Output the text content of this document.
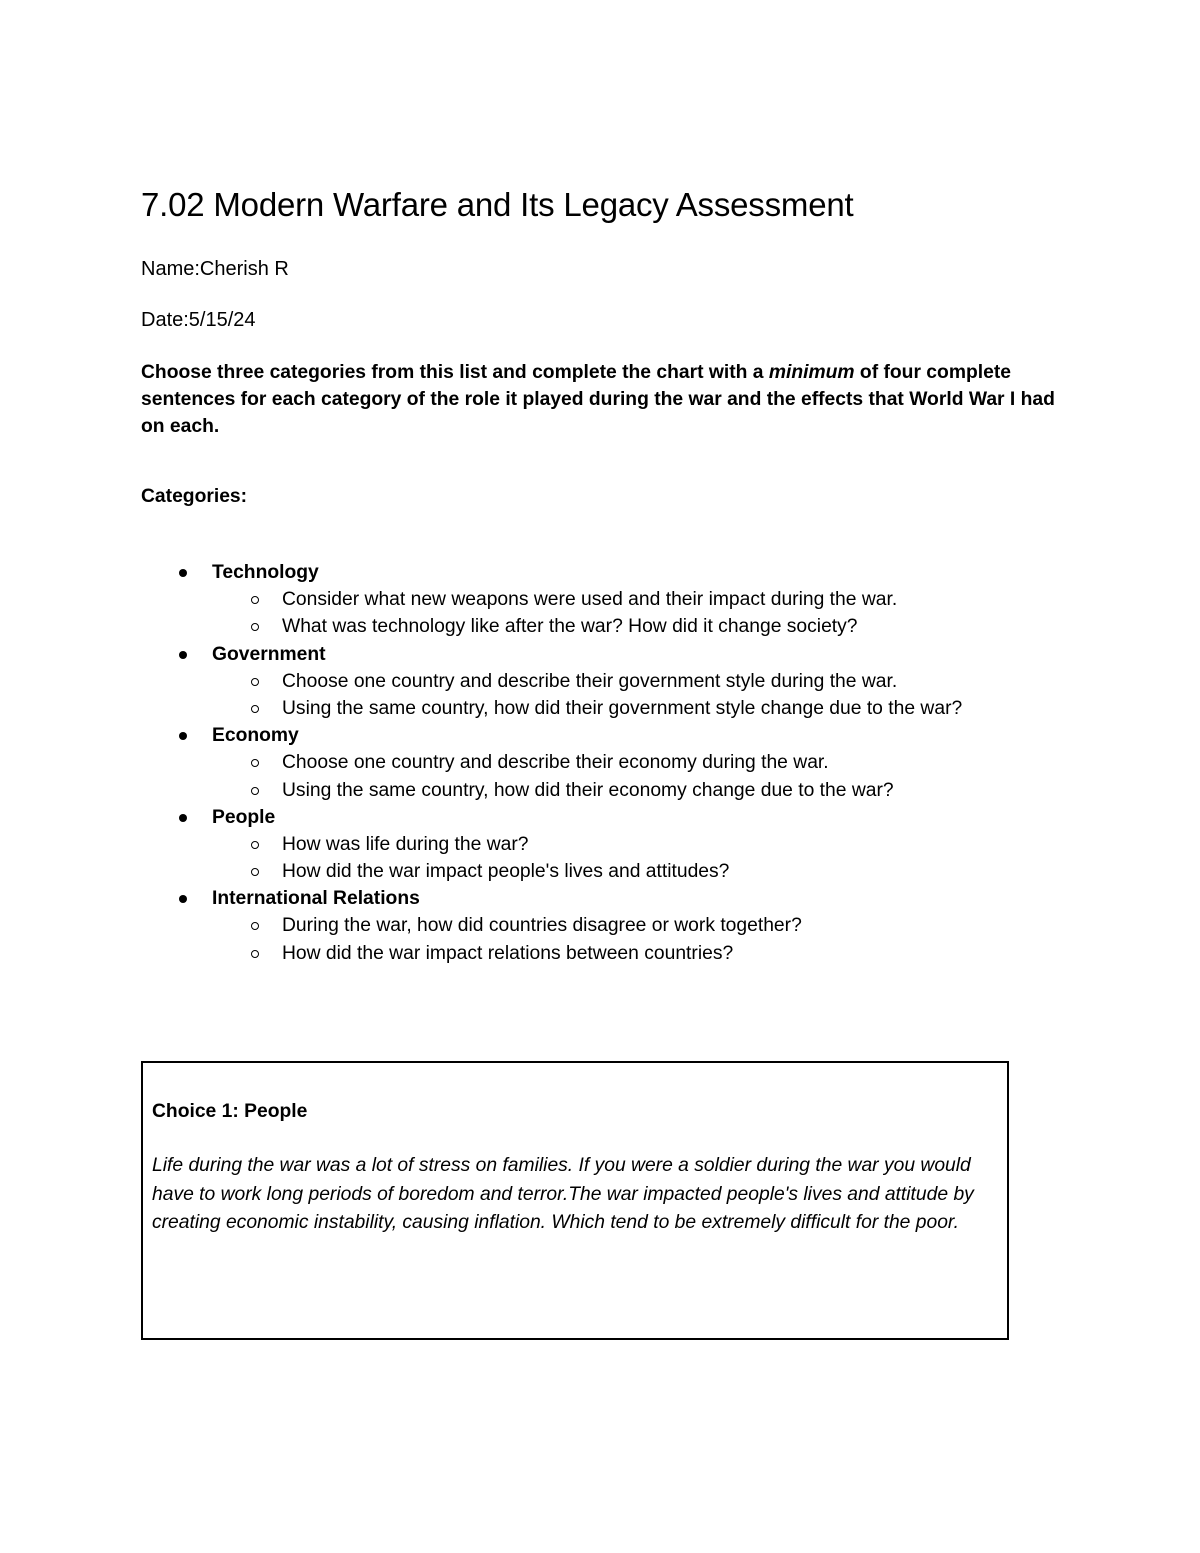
7.02 Modern Warfare and Its Legacy Assessment

Name:Cherish R

Date:5/15/24

Choose three categories from this list and complete the chart with a minimum of four complete sentences for each category of the role it played during the war and the effects that World War I had on each.

Categories:

Technology
Consider what new weapons were used and their impact during the war.
What was technology like after the war? How did it change society?
Government
Choose one country and describe their government style during the war.
Using the same country, how did their government style change due to the war?
Economy
Choose one country and describe their economy during the war.
Using the same country, how did their economy change due to the war?
People
How was life during the war?
How did the war impact people's lives and attitudes?
International Relations
During the war, how did countries disagree or work together?
How did the war impact relations between countries?

Choice 1: People

Life during the war was a lot of stress on families. If you were a soldier during the war you would have to work long periods of boredom and terror.The war impacted people's lives and attitude by creating economic instability, causing inflation. Which tend to be extremely difficult for the poor.
